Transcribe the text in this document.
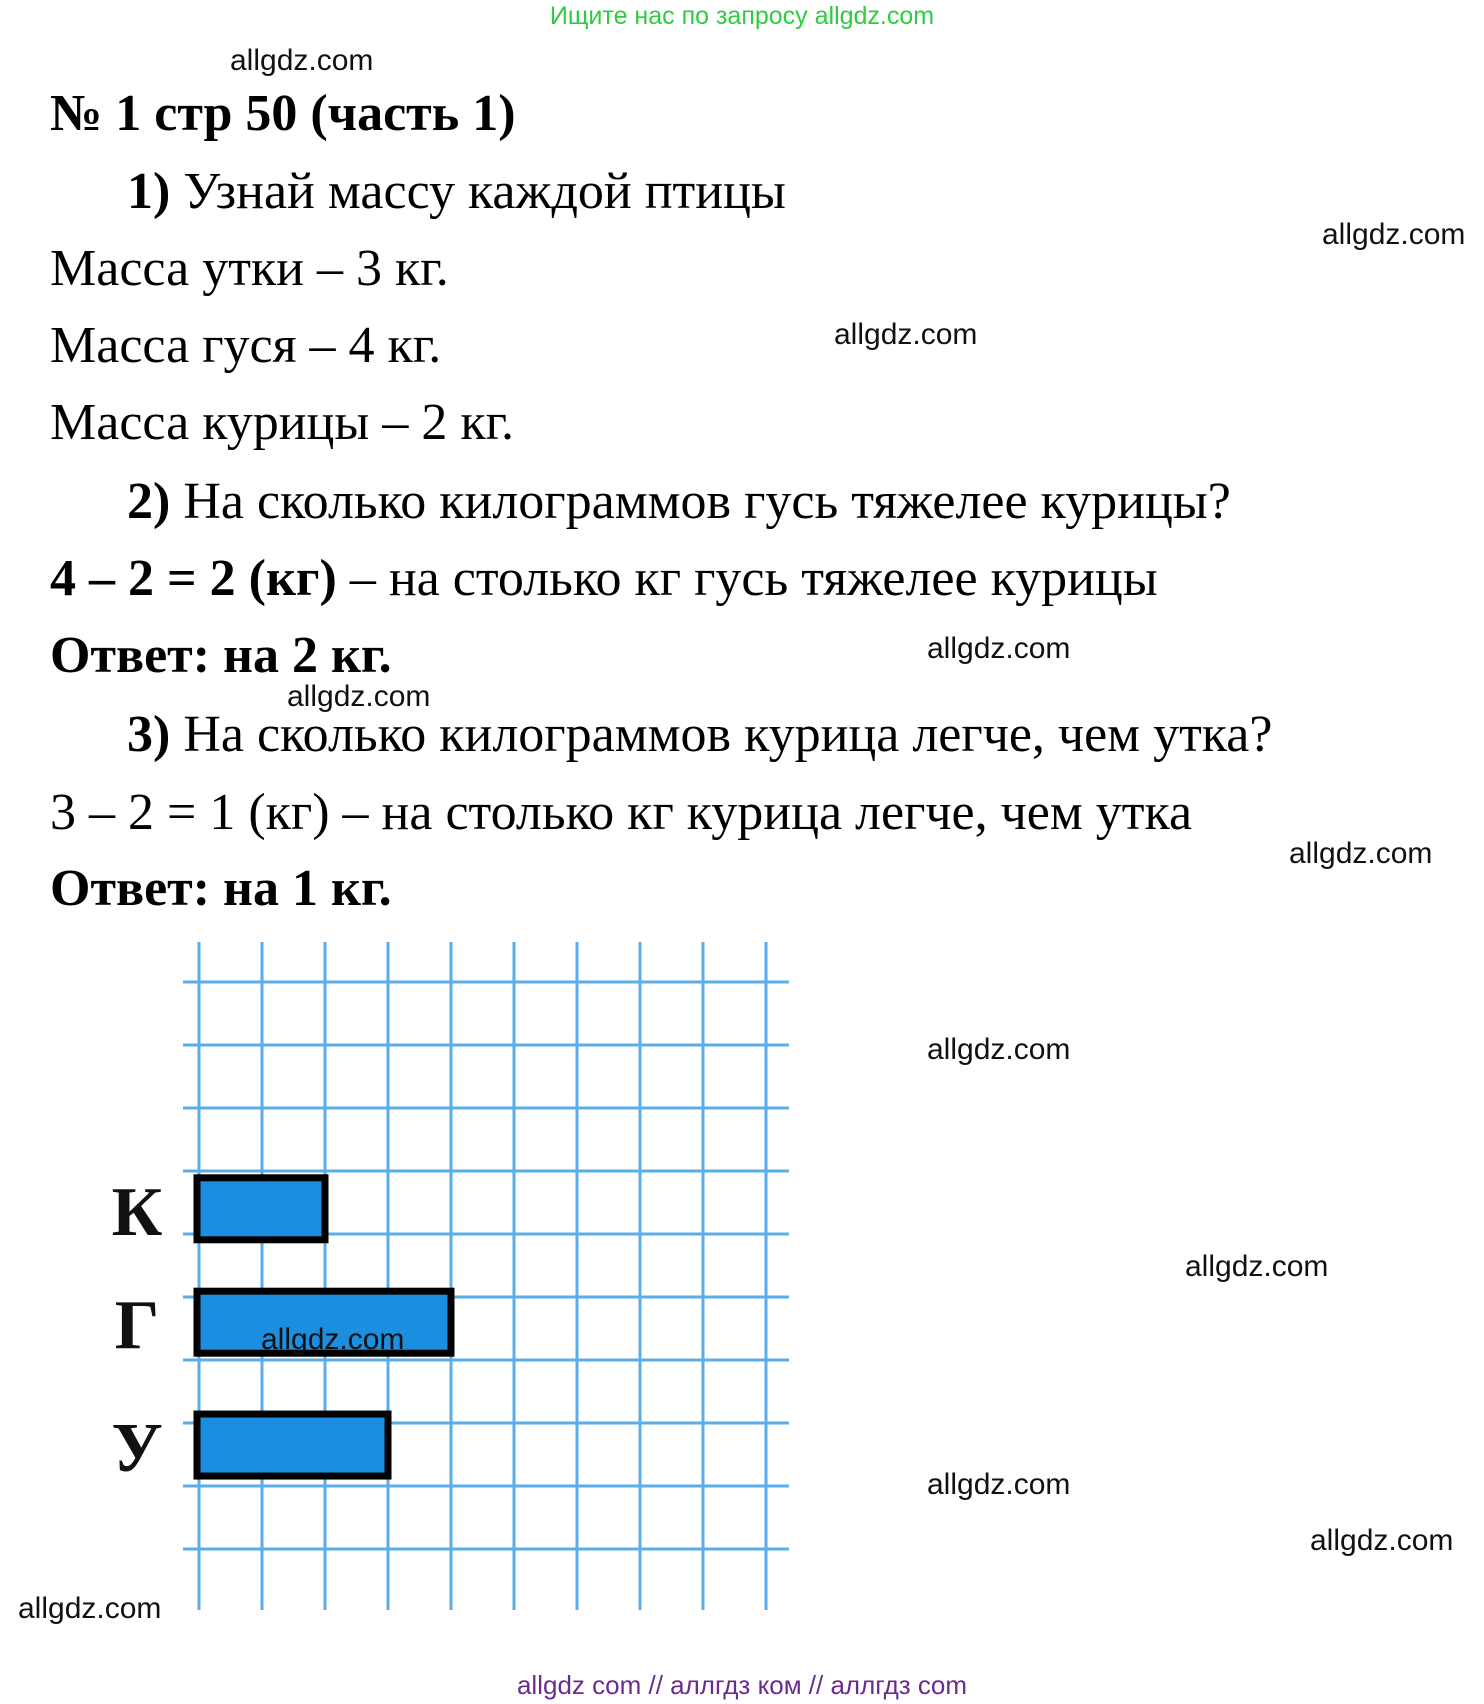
Ищите нас по запросу allgdz.com
allgdz.com
№ 1 стр 50 (часть 1)
1) Узнай массу каждой птицы
allgdz.com
Масса утки – 3 кг.
Масса гуся – 4 кг.	allgdz.com
Масса курицы – 2 кг.
2) На сколько килограммов гусь тяжелее курицы?
4 – 2 = 2 (кг) – на столько кг гусь тяжелее курицы
Ответ: на 2 кг.	allgdz.com
allgdz.com
3) На сколько килограммов курица легче, чем утка?
3 – 2 = 1 (кг) – на столько кг курица легче, чем утка
allgdz.com
Ответ: на 1 кг.
К
Г
У
allgdz.com
allgdz.com
allgdz.com
allgdz.com
allgdz.com
allgdz.com
allgdz com // аллгдз ком // аллгдз com
